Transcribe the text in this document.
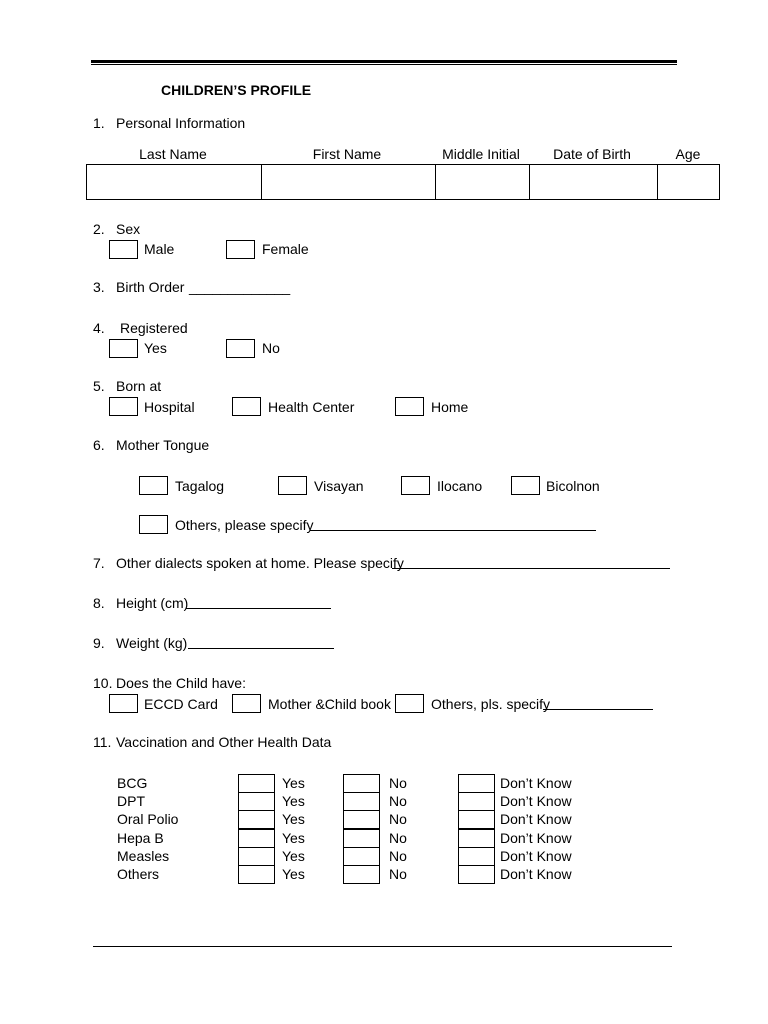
CHILDREN’S PROFILE
1. Personal Information
Last Name	First Name	Middle Initial	Date of Birth	Age
2. Sex
Male	Female
3. Birth Order _____________
4. Registered
Yes	No
5. Born at
Hospital	Health Center	Home
6. Mother Tongue
Tagalog	Visayan	Ilocano	Bicolnon
Others, please specify
7. Other dialects spoken at home. Please specify
8. Height (cm)
9. Weight (kg)
10. Does the Child have:
ECCD Card	Mother &Child book	Others, pls. specify
11. Vaccination and Other Health Data
BCG	Yes	No	Don’t Know
DPT	Yes	No	Don’t Know
Oral Polio	Yes	No	Don’t Know
Hepa B	Yes	No	Don’t Know
Measles	Yes	No	Don’t Know
Others	Yes	No	Don’t Know
